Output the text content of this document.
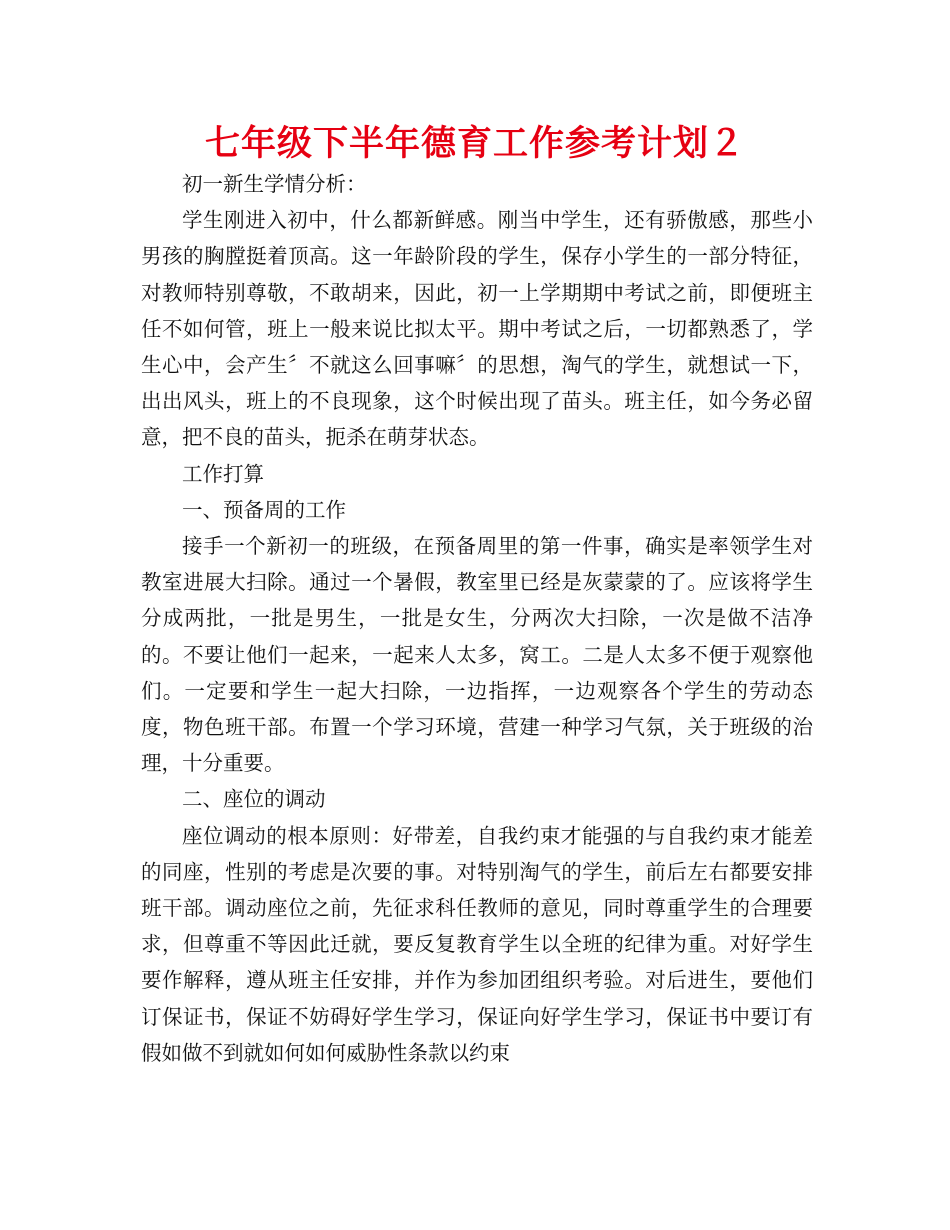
七年级下半年德育工作参考计划２

初一新生学情分析：

学生刚进入初中，什么都新鲜感。刚当中学生，还有骄傲感，那些小男孩的胸膛挺着顶高。这一年龄阶段的学生，保存小学生的一部分特征，对教师特别尊敬，不敢胡来，因此，初一上学期期中考试之前，即便班主任不如何管，班上一般来说比拟太平。期中考试之后，一切都熟悉了，学生心中，会产生〞不就这么回事嘛〞的思想，淘气的学生，就想试一下，出出风头，班上的不良现象，这个时候出现了苗头。班主任，如今务必留意，把不良的苗头，扼杀在萌芽状态。

工作打算

一、预备周的工作

接手一个新初一的班级，在预备周里的第一件事，确实是率领学生对教室进展大扫除。通过一个暑假，教室里已经是灰蒙蒙的了。应该将学生分成两批，一批是男生，一批是女生，分两次大扫除，一次是做不洁净的。不要让他们一起来，一起来人太多，窝工。二是人太多不便于观察他们。一定要和学生一起大扫除，一边指挥，一边观察各个学生的劳动态度，物色班干部。布置一个学习环境，营建一种学习气氛，关于班级的治理，十分重要。

二、座位的调动

座位调动的根本原则：好带差，自我约束才能强的与自我约束才能差的同座，性别的考虑是次要的事。对特别淘气的学生，前后左右都要安排班干部。调动座位之前，先征求科任教师的意见，同时尊重学生的合理要求，但尊重不等因此迁就，要反复教育学生以全班的纪律为重。对好学生要作解释，遵从班主任安排，并作为参加团组织考验。对后进生，要他们订保证书，保证不妨碍好学生学习，保证向好学生学习，保证书中要订有假如做不到就如何如何威胁性条款以约束
